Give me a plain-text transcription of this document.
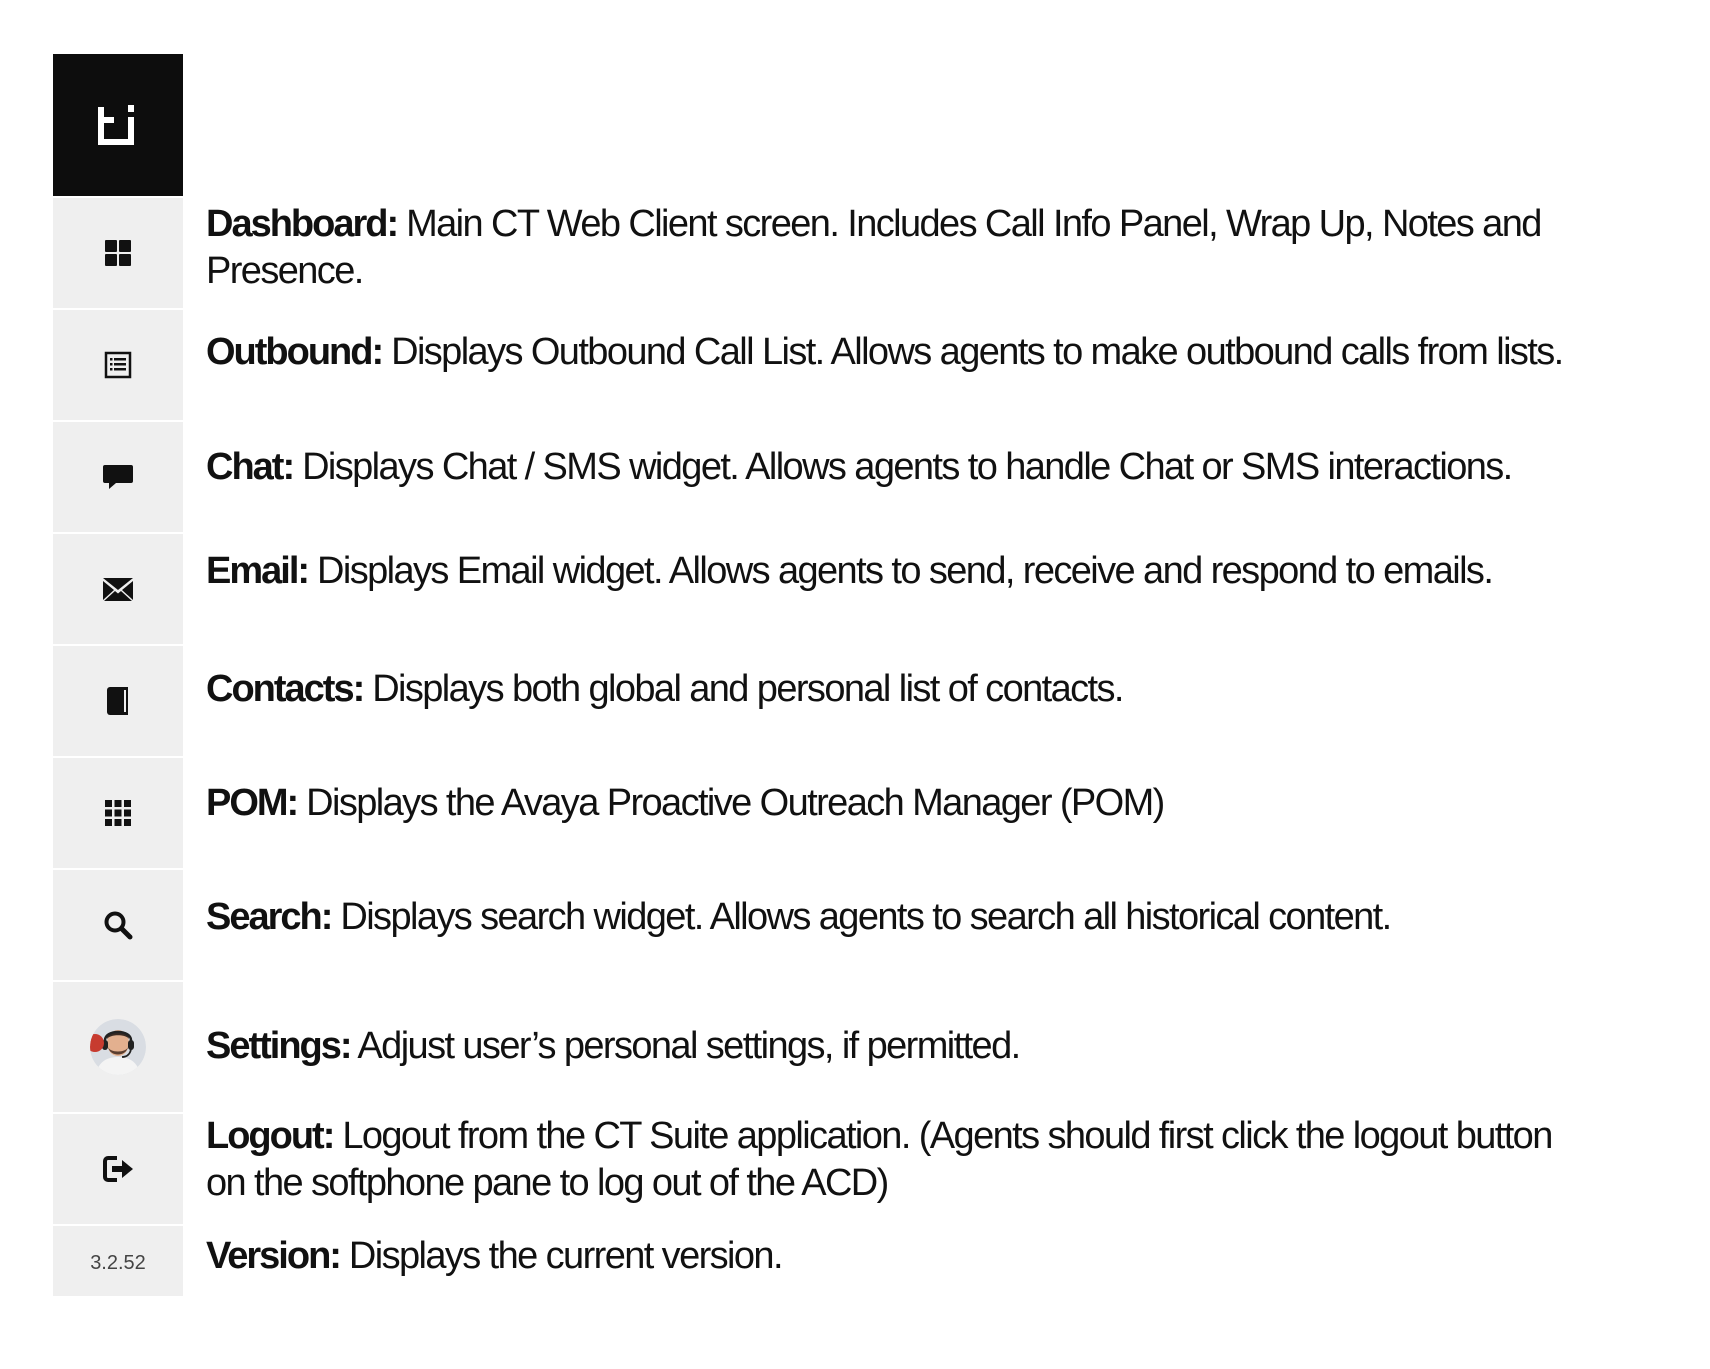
3.2.52
Dashboard: Main CT Web Client screen. Includes Call Info Panel, Wrap Up, Notes and
Presence.
Outbound: Displays Outbound Call List. Allows agents to make outbound calls from lists.
Chat: Displays Chat / SMS widget. Allows agents to handle Chat or SMS interactions.
Email: Displays Email widget. Allows agents to send, receive and respond to emails.
Contacts: Displays both global and personal list of contacts.
POM: Displays the Avaya Proactive Outreach Manager (POM)
Search: Displays search widget. Allows agents to search all historical content.
Settings: Adjust user’s personal settings, if permitted.
Logout: Logout from the CT Suite application. (Agents should first click the logout button
on the softphone pane to log out of the ACD)
Version: Displays the current version.
